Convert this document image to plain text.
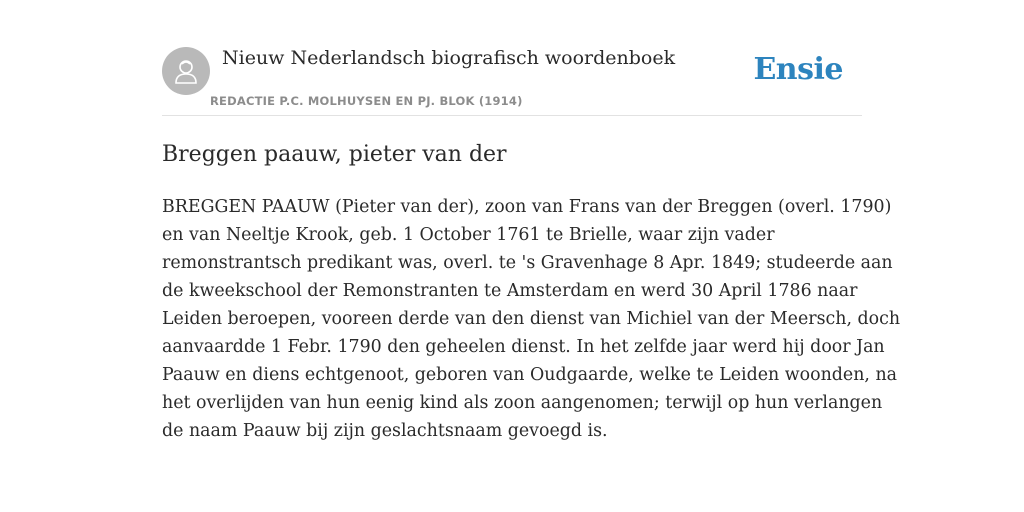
Nieuw Nederlandsch biografisch woordenboek
REDACTIE P.C. MOLHUYSEN EN PJ. BLOK (1914)
Ensie
Breggen paauw, pieter van der

BREGGEN PAAUW (Pieter van der), zoon van Frans van der Breggen (overl. 1790)
en van Neeltje Krook, geb. 1 October 1761 te Brielle, waar zijn vader
remonstrantsch predikant was, overl. te 's Gravenhage 8 Apr. 1849; studeerde aan
de kweekschool der Remonstranten te Amsterdam en werd 30 April 1786 naar
Leiden beroepen, vooreen derde van den dienst van Michiel van der Meersch, doch
aanvaardde 1 Febr. 1790 den geheelen dienst. In het zelfde jaar werd hij door Jan
Paauw en diens echtgenoot, geboren van Oudgaarde, welke te Leiden woonden, na
het overlijden van hun eenig kind als zoon aangenomen; terwijl op hun verlangen
de naam Paauw bij zijn geslachtsnaam gevoegd is.
